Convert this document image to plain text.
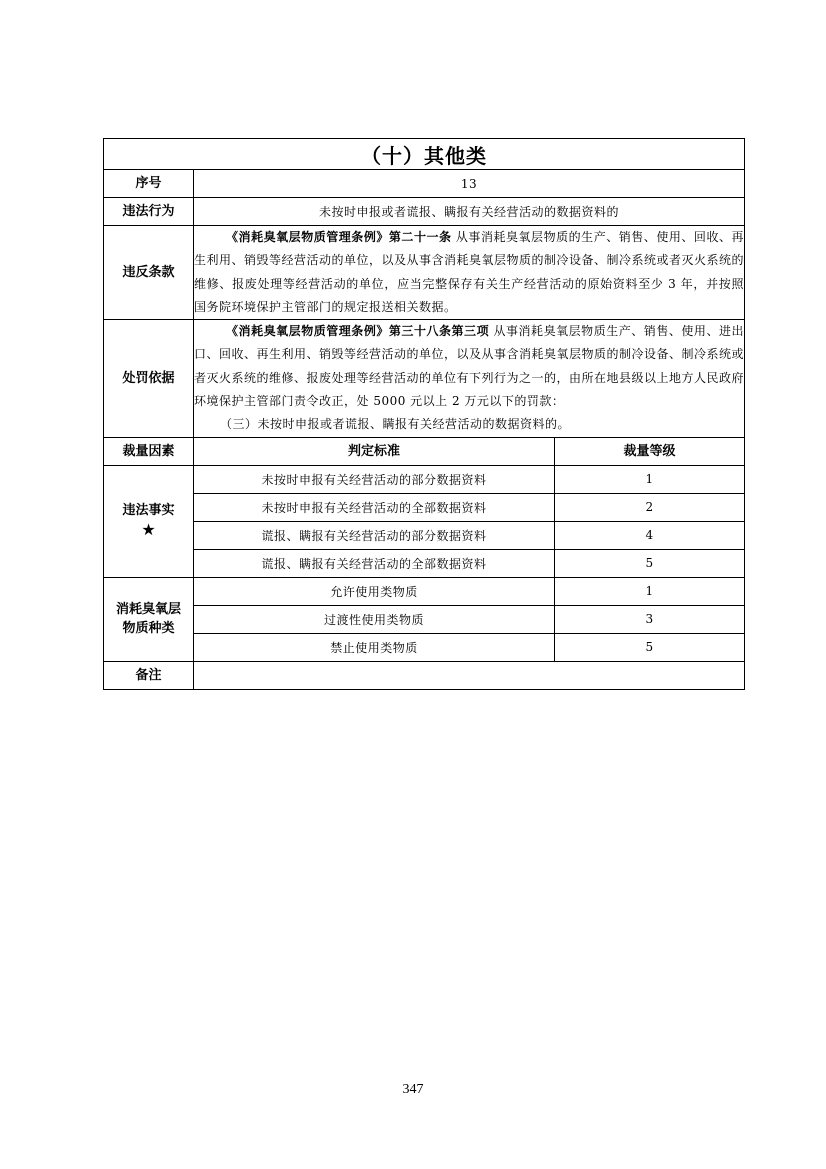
（十）其他类		
序号	13	
违法行为	未按时申报或者谎报、瞒报有关经营活动的数据资料的	
违反条款	《消耗臭氧层物质管理条例》第二十一条 从事消耗臭氧层物质的生产、销售、使用、回收、再生利用、销毁等经营活动的单位，以及从事含消耗臭氧层物质的制冷设备、制冷系统或者灭火系统的维修、报废处理等经营活动的单位，应当完整保存有关生产经营活动的原始资料至少 3 年，并按照国务院环境保护主管部门的规定报送相关数据。	
处罚依据	《消耗臭氧层物质管理条例》第三十八条第三项 从事消耗臭氧层物质生产、销售、使用、进出口、回收、再生利用、销毁等经营活动的单位，以及从事含消耗臭氧层物质的制冷设备、制冷系统或者灭火系统的维修、报废处理等经营活动的单位有下列行为之一的，由所在地县级以上地方人民政府环境保护主管部门责令改正，处 5000 元以上 2 万元以下的罚款：
（三）未按时申报或者谎报、瞒报有关经营活动的数据资料的。	
裁量因素	判定标准	裁量等级
违法事实
★	未按时申报有关经营活动的部分数据资料	1
	未按时申报有关经营活动的全部数据资料	2
	谎报、瞒报有关经营活动的部分数据资料	4
	谎报、瞒报有关经营活动的全部数据资料	5
消耗臭氧层
物质种类	允许使用类物质	1
	过渡性使用类物质	3
	禁止使用类物质	5
备注		
347
